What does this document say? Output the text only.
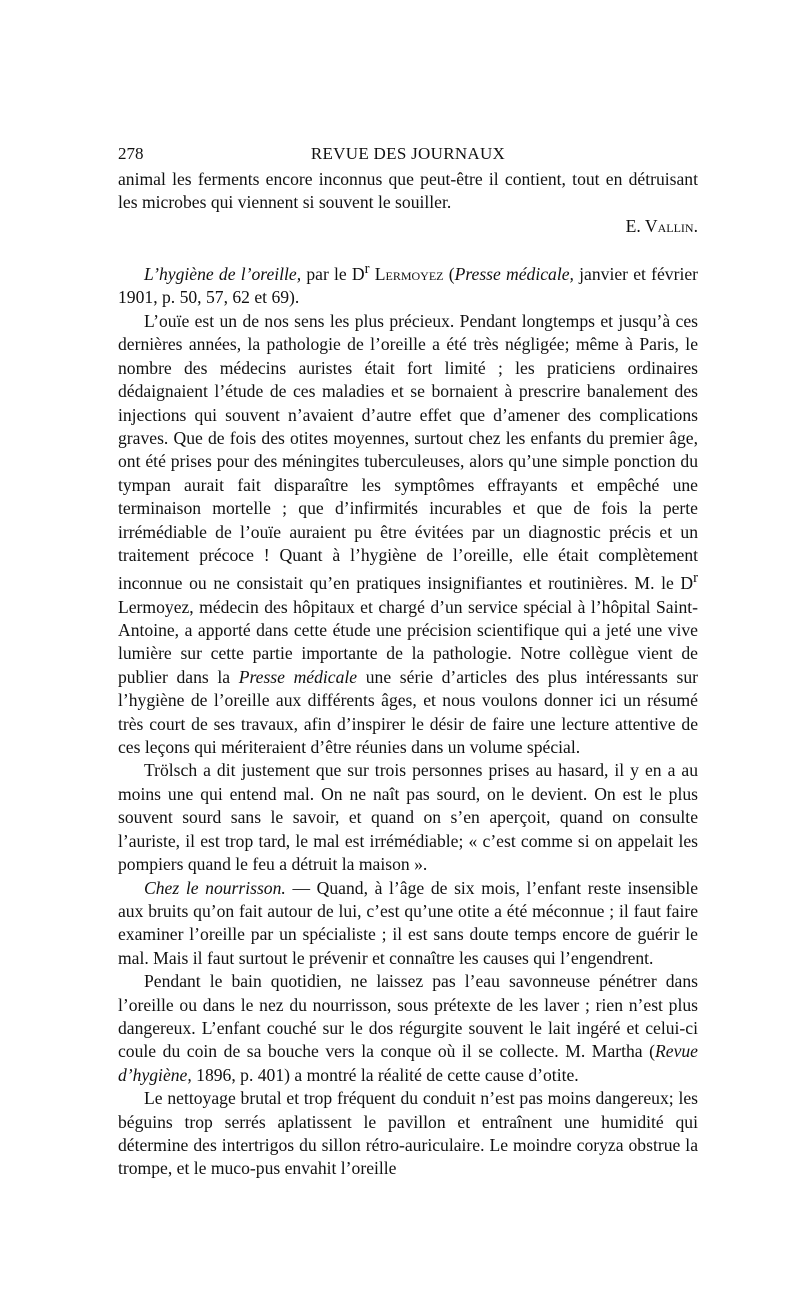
278	REVUE DES JOURNAUX

animal les ferments encore inconnus que peut-être il contient, tout en détruisant les microbes qui viennent si souvent le souiller.

E. Vallin.

L’hygiène de l’oreille, par le $D^r$ Lermoyez (Presse médicale, janvier et février 1901, p. 50, 57, 62 et 69).

L’ouïe est un de nos sens les plus précieux. Pendant longtemps et jusqu’à ces dernières années, la pathologie de l’oreille a été très négligée; même à Paris, le nombre des médecins auristes était fort limité ; les praticiens ordinaires dédaignaient l’étude de ces maladies et se bornaient à prescrire banalement des injections qui souvent n’avaient d’autre effet que d’amener des complications graves. Que de fois des otites moyennes, surtout chez les enfants du premier âge, ont été prises pour des méningites tuberculeuses, alors qu’une simple ponction du tympan aurait fait disparaître les symptômes effrayants et empêché une terminaison mortelle ; que d’infirmités incurables et que de fois la perte irrémédiable de l’ouïe auraient pu être évitées par un diagnostic précis et un traitement précoce ! Quant à l’hygiène de l’oreille, elle était complètement inconnue ou ne consistait qu’en pratiques insignifiantes et routinières. M. le $D^r$ Lermoyez, médecin des hôpitaux et chargé d’un service spécial à l’hôpital Saint-Antoine, a apporté dans cette étude une précision scientifique qui a jeté une vive lumière sur cette partie importante de la pathologie. Notre collègue vient de publier dans la Presse médicale une série d’articles des plus intéressants sur l’hygiène de l’oreille aux différents âges, et nous voulons donner ici un résumé très court de ses travaux, afin d’inspirer le désir de faire une lecture attentive de ces leçons qui mériteraient d’être réunies dans un volume spécial.

Trölsch a dit justement que sur trois personnes prises au hasard, il y en a au moins une qui entend mal. On ne naît pas sourd, on le devient. On est le plus souvent sourd sans le savoir, et quand on s’en aperçoit, quand on consulte l’auriste, il est trop tard, le mal est irrémédiable; « c’est comme si on appelait les pompiers quand le feu a détruit la maison ».

Chez le nourrisson. — Quand, à l’âge de six mois, l’enfant reste insensible aux bruits qu’on fait autour de lui, c’est qu’une otite a été méconnue ; il faut faire examiner l’oreille par un spécialiste ; il est sans doute temps encore de guérir le mal. Mais il faut surtout le prévenir et connaître les causes qui l’engendrent.

Pendant le bain quotidien, ne laissez pas l’eau savonneuse pénétrer dans l’oreille ou dans le nez du nourrisson, sous prétexte de les laver ; rien n’est plus dangereux. L’enfant couché sur le dos régurgite souvent le lait ingéré et celui-ci coule du coin de sa bouche vers la conque où il se collecte. M. Martha (Revue d’hygiène, 1896, p. 401) a montré la réalité de cette cause d’otite.

Le nettoyage brutal et trop fréquent du conduit n’est pas moins dangereux; les béguins trop serrés aplatissent le pavillon et entraînent une humidité qui détermine des intertrigos du sillon rétro-auriculaire. Le moindre coryza obstrue la trompe, et le muco-pus envahit l’oreille
